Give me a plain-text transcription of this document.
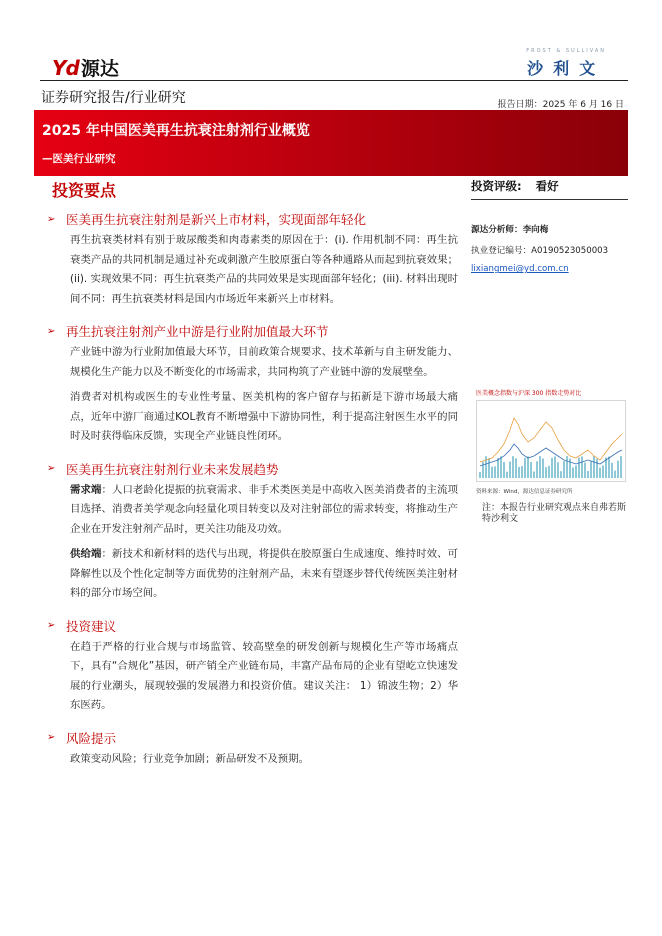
Yd 源达
FROST & SULLIVAN
沙利文
证券研究报告/行业研究	报告日期：2025 年 6 月 16 日
2025 年中国医美再生抗衰注射剂行业概览
—医美行业研究
投资要点
➢ 医美再生抗衰注射剂是新兴上市材料，实现面部年轻化
再生抗衰类材料有别于玻尿酸类和肉毒素类的原因在于：(i). 作用机制不同：再生抗衰类产品的共同机制是通过补充或刺激产生胶原蛋白等各种通路从而起到抗衰效果；(ii). 实现效果不同：再生抗衰类产品的共同效果是实现面部年轻化；(iii). 材料出现时间不同：再生抗衰类材料是国内市场近年来新兴上市材料。
➢ 再生抗衰注射剂产业中游是行业附加值最大环节
产业链中游为行业附加值最大环节，目前政策合规要求、技术革新与自主研发能力、规模化生产能力以及不断变化的市场需求，共同构筑了产业链中游的发展壁垒。
消费者对机构或医生的专业性考量、医美机构的客户留存与拓新是下游市场最大痛点，近年中游厂商通过KOL教育不断增强中下游协同性，利于提高注射医生水平的同时及时获得临床反馈，实现全产业链良性闭环。
➢ 医美再生抗衰注射剂行业未来发展趋势
需求端：人口老龄化提振的抗衰需求、非手术类医美是中高收入医美消费者的主流项目选择、消费者美学观念向轻量化项目转变以及对注射部位的需求转变，将推动生产企业在开发注射剂产品时，更关注功能及功效。
供给端：新技术和新材料的迭代与出现，将提供在胶原蛋白生成速度、维持时效、可降解性以及个性化定制等方面优势的注射剂产品，未来有望逐步替代传统医美注射材料的部分市场空间。
➢ 投资建议
在趋于严格的行业合规与市场监管、较高壁垒的研发创新与规模化生产等市场痛点下，具有“合规化”基因，研产销全产业链布局，丰富产品布局的企业有望屹立快速发展的行业潮头，展现较强的发展潜力和投资价值。建议关注： 1）锦波生物；2）华东医药。
➢ 风险提示
政策变动风险；行业竞争加剧；新品研发不及预期。
投资评级: 看好
源达分析师：李向梅
执业登记编号：A0190523050003
lixiangmei@yd.com.cn
医美概念指数与沪深 300 指数走势对比
资料来源：Wind，源达信息证券研究所
注：本报告行业研究观点来自弗若斯特沙利文
